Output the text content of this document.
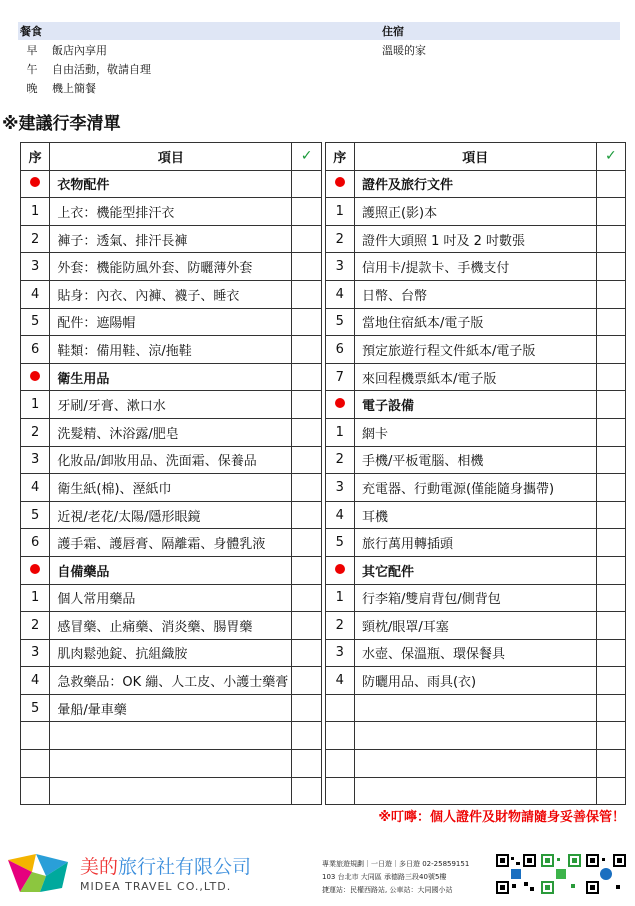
餐食	住宿
早	飯店內享用	溫暖的家
午	自由活動，敬請自理
晚	機上簡餐
※建議行李清單
序	項目	✓		序	項目	✓
	衣物配件				證件及旅行文件	
1	上衣：機能型排汗衣			1	護照正(影)本	
2	褲子：透氣、排汗長褲			2	證件大頭照 1 吋及 2 吋數張	
3	外套：機能防風外套、防曬薄外套			3	信用卡/提款卡、手機支付	
4	貼身：內衣、內褲、襪子、睡衣			4	日幣、台幣	
5	配件：遮陽帽			5	當地住宿紙本/電子版	
6	鞋類：備用鞋、涼/拖鞋			6	預定旅遊行程文件紙本/電子版	
	衛生用品			7	來回程機票紙本/電子版	
1	牙刷/牙膏、漱口水				電子設備	
2	洗髮精、沐浴露/肥皂			1	網卡	
3	化妝品/卸妝用品、洗面霜、保養品			2	手機/平板電腦、相機	
4	衛生紙(棉)、溼紙巾			3	充電器、行動電源(僅能隨身攜帶)	
5	近視/老花/太陽/隱形眼鏡			4	耳機	
6	護手霜、護唇膏、隔離霜、身體乳液			5	旅行萬用轉插頭	
	自備藥品				其它配件	
1	個人常用藥品			1	行李箱/雙肩背包/側背包	
2	感冒藥、止痛藥、消炎藥、腸胃藥			2	頸枕/眼罩/耳塞	
3	肌肉鬆弛錠、抗組織胺			3	水壺、保溫瓶、環保餐具	
4	急救藥品：OK 繃、人工皮、小護士藥膏			4	防曬用品、雨具(衣)	
5	暈船/暈車藥					

※叮嚀：個人證件及財物請隨身妥善保管！
美的旅行社有限公司
MIDEA TRAVEL CO.,LTD.
專業旅遊規劃｜一日遊｜多日遊 02-25859151
103 台北市 大同區 承德路三段40號5樓
捷運站：民權西路站, 公車站：大同國小站
